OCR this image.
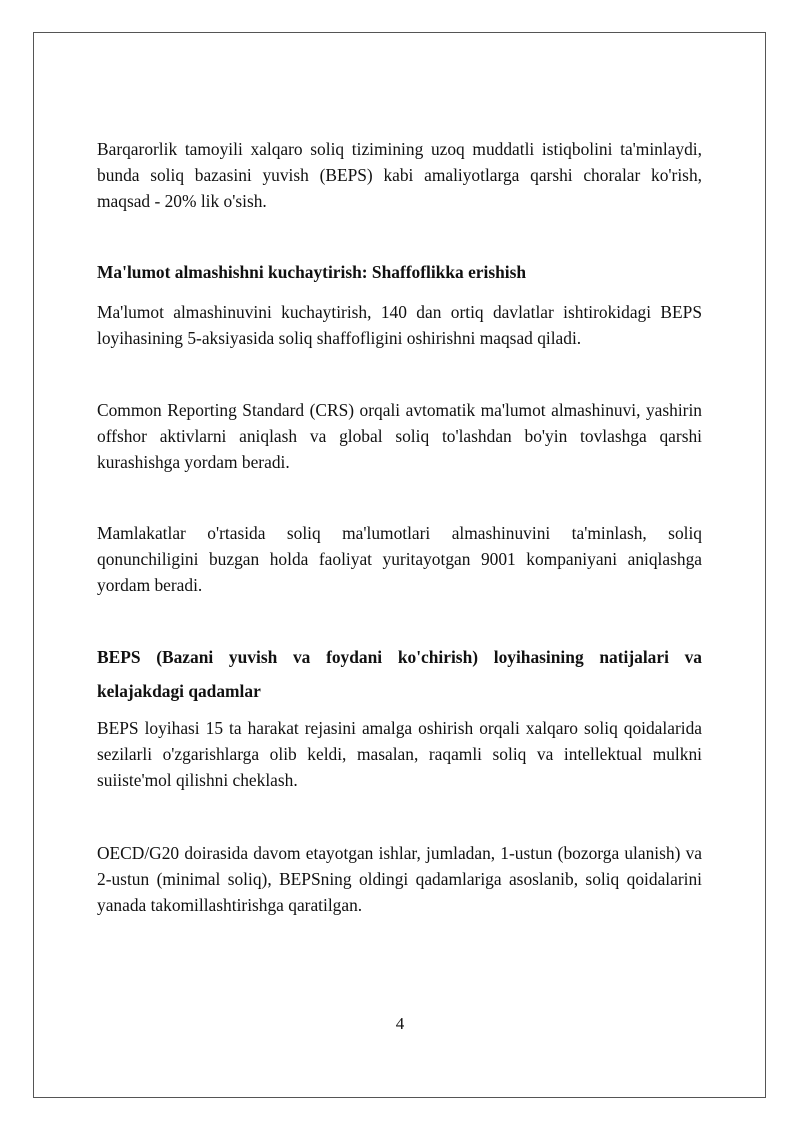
Barqarorlik tamoyili xalqaro soliq tizimining uzoq muddatli istiqbolini ta'minlaydi, bunda soliq bazasini yuvish (BEPS) kabi amaliyotlarga qarshi choralar ko'rish, maqsad - 20% lik o'sish.

Ma'lumot almashishni kuchaytirish: Shaffoflikka erishish

Ma'lumot almashinuvini kuchaytirish, 140 dan ortiq davlatlar ishtirokidagi BEPS loyihasining 5-aksiyasida soliq shaffofligini oshirishni maqsad qiladi.

Common Reporting Standard (CRS) orqali avtomatik ma'lumot almashinuvi, yashirin offshor aktivlarni aniqlash va global soliq to'lashdan bo'yin tovlashga qarshi kurashishga yordam beradi.

Mamlakatlar o'rtasida soliq ma'lumotlari almashinuvini ta'minlash, soliq qonunchiligini buzgan holda faoliyat yuritayotgan 9001 kompaniyani aniqlashga yordam beradi.

BEPS (Bazani yuvish va foydani ko'chirish) loyihasining natijalari va kelajakdagi qadamlar

BEPS loyihasi 15 ta harakat rejasini amalga oshirish orqali xalqaro soliq qoidalarida sezilarli o'zgarishlarga olib keldi, masalan, raqamli soliq va intellektual mulkni suiiste'mol qilishni cheklash.

OECD/G20 doirasida davom etayotgan ishlar, jumladan, 1-ustun (bozorga ulanish) va 2-ustun (minimal soliq), BEPSning oldingi qadamlariga asoslanib, soliq qoidalarini yanada takomillashtirishga qaratilgan.

4
